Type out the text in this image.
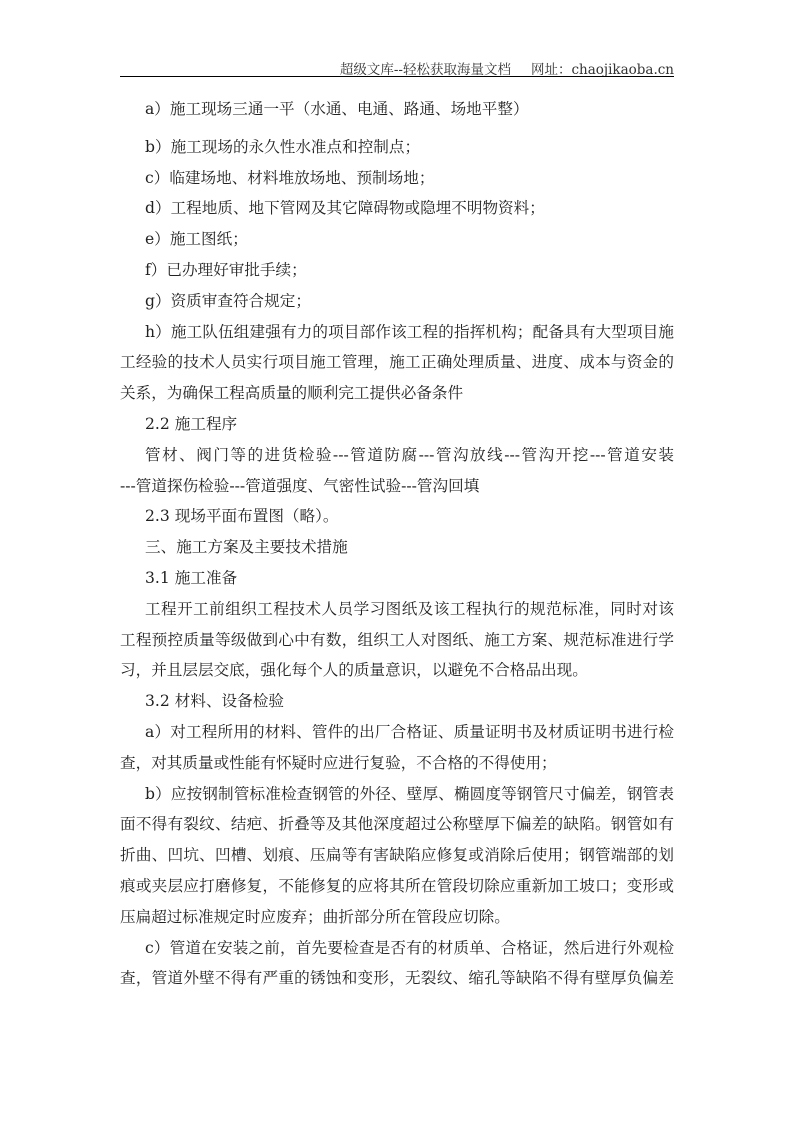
超级文库--轻松获取海量文档 网址：chaojikaoba.cn
a）施工现场三通一平（水通、电通、路通、场地平整）
b）施工现场的永久性水准点和控制点；
c）临建场地、材料堆放场地、预制场地；
d）工程地质、地下管网及其它障碍物或隐埋不明物资料；
e）施工图纸；
f）已办理好审批手续；
g）资质审查符合规定；
h）施工队伍组建强有力的项目部作该工程的指挥机构；配备具有大型项目施
工经验的技术人员实行项目施工管理，施工正确处理质量、进度、成本与资金的
关系，为确保工程高质量的顺利完工提供必备条件
2.2 施工程序
管材、阀门等的进货检验---管道防腐---管沟放线---管沟开挖---管道安装
---管道探伤检验---管道强度、气密性试验---管沟回填
2.3 现场平面布置图（略）。
三、施工方案及主要技术措施
3.1 施工准备
工程开工前组织工程技术人员学习图纸及该工程执行的规范标准，同时对该
工程预控质量等级做到心中有数，组织工人对图纸、施工方案、规范标准进行学
习，并且层层交底，强化每个人的质量意识，以避免不合格品出现。
3.2 材料、设备检验
a）对工程所用的材料、管件的出厂合格证、质量证明书及材质证明书进行检
查，对其质量或性能有怀疑时应进行复验，不合格的不得使用；
b）应按钢制管标准检查钢管的外径、壁厚、椭圆度等钢管尺寸偏差，钢管表
面不得有裂纹、结疤、折叠等及其他深度超过公称壁厚下偏差的缺陷。钢管如有
折曲、凹坑、凹槽、划痕、压扁等有害缺陷应修复或消除后使用；钢管端部的划
痕或夹层应打磨修复，不能修复的应将其所在管段切除应重新加工坡口；变形或
压扁超过标准规定时应废弃；曲折部分所在管段应切除。
c）管道在安装之前，首先要检查是否有的材质单、合格证，然后进行外观检
查，管道外壁不得有严重的锈蚀和变形，无裂纹、缩孔等缺陷不得有壁厚负偏差
